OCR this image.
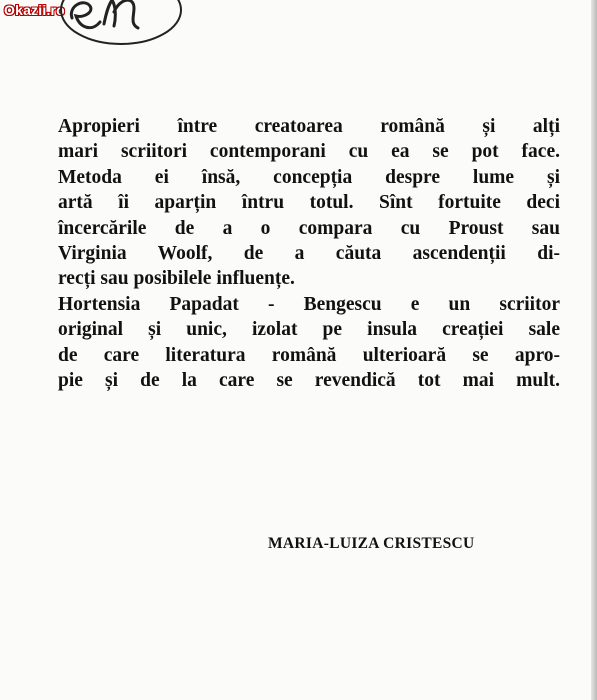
Okazii.ro
Apropieri între creatoarea română și alți
mari scriitori contemporani cu ea se pot face.
Metoda ei însă, concepția despre lume și
artă îi aparțin întru totul. Sînt fortuite deci
încercările de a o compara cu Proust sau
Virginia Woolf, de a căuta ascendenții di-
recți sau posibilele influențe.
Hortensia Papadat - Bengescu e un scriitor
original și unic, izolat pe insula creației sale
de care literatura română ulterioară se apro-
pie și de la care se revendică tot mai mult.
MARIA-LUIZA CRISTESCU
